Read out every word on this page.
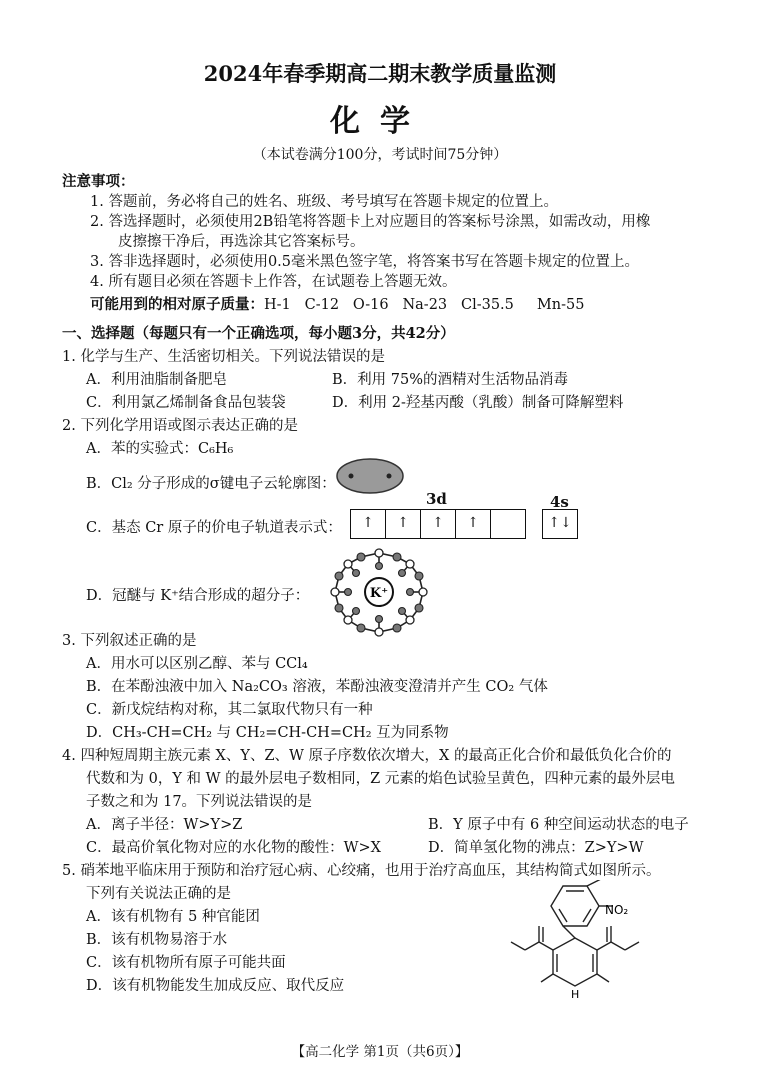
2024年春季期高二期末教学质量监测
化学
（本试卷满分100分，考试时间75分钟）
注意事项：
1. 答题前，务必将自己的姓名、班级、考号填写在答题卡规定的位置上。
2. 答选择题时，必须使用2B铅笔将答题卡上对应题目的答案标号涂黑，如需改动，用橡
皮擦擦干净后，再选涂其它答案标号。
3. 答非选择题时，必须使用0.5毫米黑色签字笔，将答案书写在答题卡规定的位置上。
4. 所有题目必须在答题卡上作答，在试题卷上答题无效。
可能用到的相对原子质量：H-1   C-12   O-16   Na-23   Cl-35.5     Mn-55
一、选择题（每题只有一个正确选项，每小题3分，共42分）
1. 化学与生产、生活密切相关。下列说法错误的是
A．利用油脂制备肥皂	B．利用 75%的酒精对生活物品消毒
C．利用氯乙烯制备食品包装袋	D．利用 2-羟基丙酸（乳酸）制备可降解塑料
2. 下列化学用语或图示表达正确的是
A．苯的实验式：C₆H₆
B．Cl₂ 分子形成的σ键电子云轮廓图：
3d	4s
C．基态 Cr 原子的价电子轨道表示式：	↑	↑	↑	↑	↑↓
D．冠醚与 K⁺结合形成的超分子：	K⁺
3. 下列叙述正确的是
A．用水可以区别乙醇、苯与 CCl₄
B．在苯酚浊液中加入 Na₂CO₃ 溶液，苯酚浊液变澄清并产生 CO₂ 气体
C．新戊烷结构对称，其二氯取代物只有一种
D．CH₃-CH=CH₂ 与 CH₂=CH-CH=CH₂ 互为同系物
4. 四种短周期主族元素 X、Y、Z、W 原子序数依次增大，X 的最高正化合价和最低负化合价的
代数和为 0，Y 和 W 的最外层电子数相同，Z 元素的焰色试验呈黄色，四种元素的最外层电
子数之和为 17。下列说法错误的是
A．离子半径：W>Y>Z	B．Y 原子中有 6 种空间运动状态的电子
C．最高价氧化物对应的水化物的酸性：W>X	D．简单氢化物的沸点：Z>Y>W
5. 硝苯地平临床用于预防和治疗冠心病、心绞痛，也用于治疗高血压，其结构简式如图所示。
下列有关说法正确的是
A．该有机物有 5 种官能团
B．该有机物易溶于水
C．该有机物所有原子可能共面
D．该有机物能发生加成反应、取代反应
NO₂
H
【高二化学 第1页（共6页）】
